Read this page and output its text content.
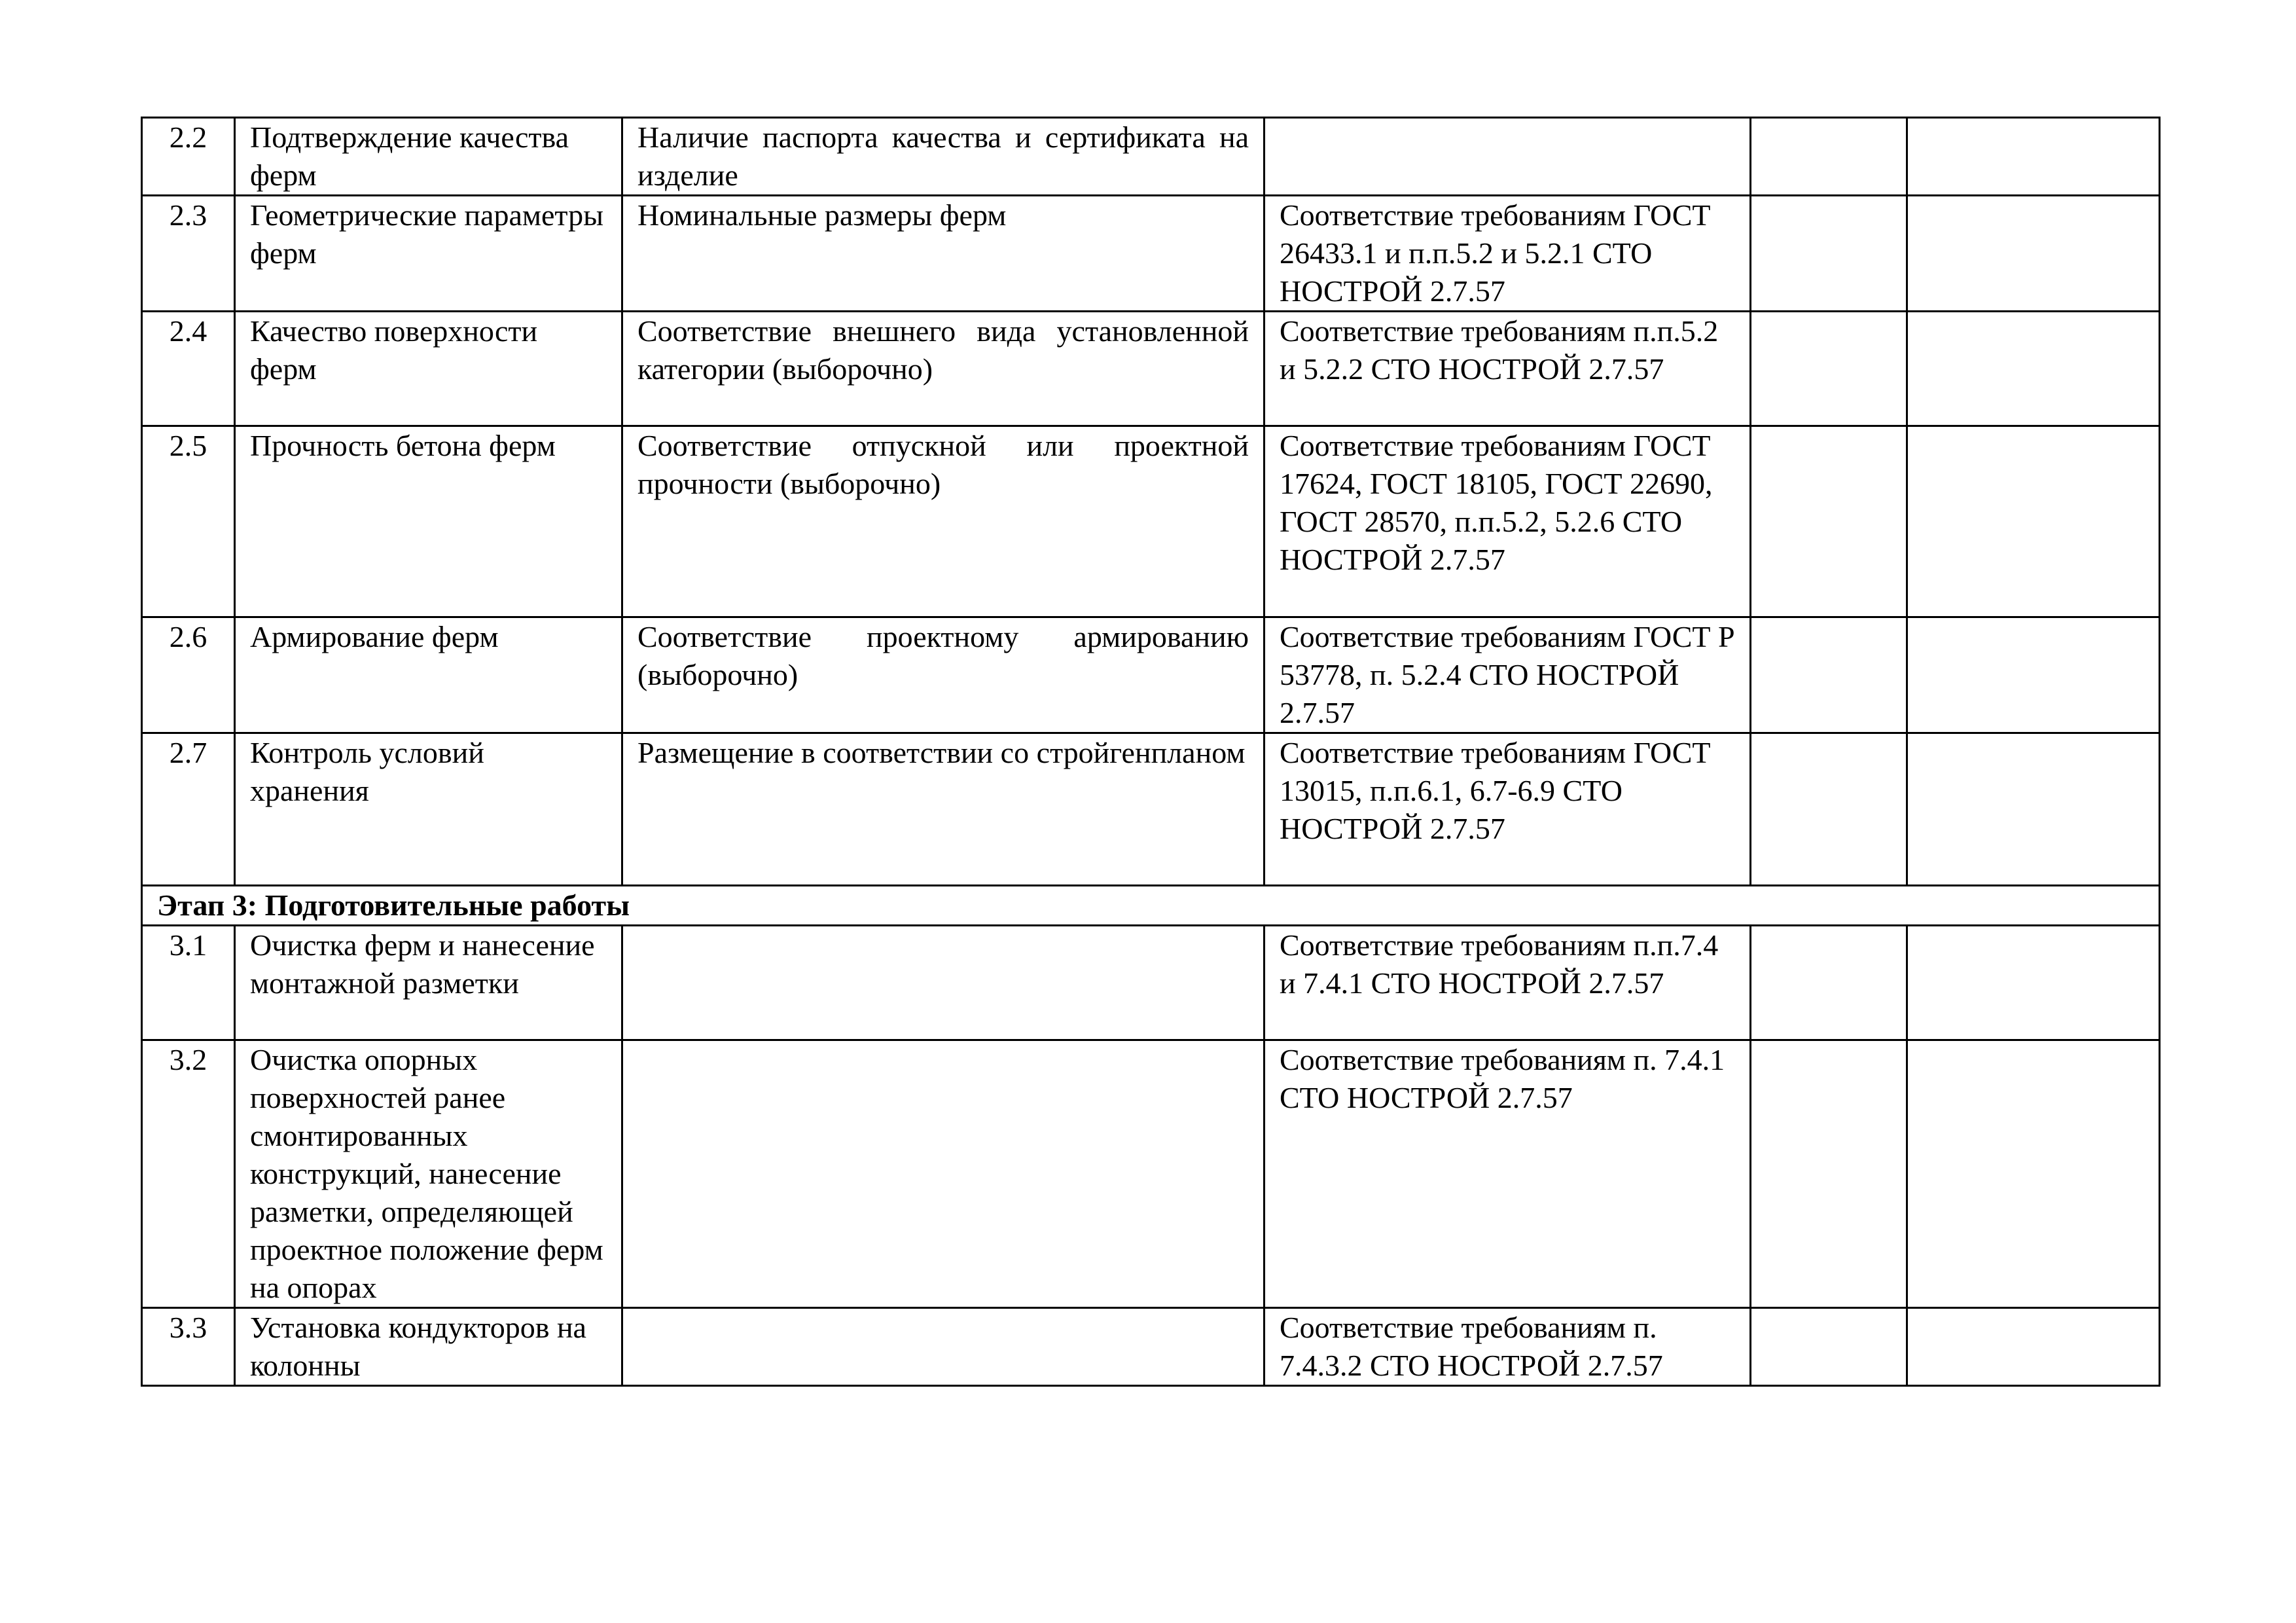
2.2	Подтверждение качества ферм	Наличие паспорта качества и сертификата на изделие			
2.3	Геометрические параметры ферм	Номинальные размеры ферм	Соответствие требованиям ГОСТ 26433.1 и п.п.5.2 и 5.2.1 СТО НОСТРОЙ 2.7.57		
2.4	Качество поверхности ферм	Соответствие внешнего вида установленной категории (выборочно)	Соответствие требованиям п.п.5.2 и 5.2.2 СТО НОСТРОЙ 2.7.57		
2.5	Прочность бетона ферм	Соответствие отпускной или проектной прочности (выборочно)	Соответствие требованиям ГОСТ 17624, ГОСТ 18105, ГОСТ 22690, ГОСТ 28570, п.п.5.2, 5.2.6 СТО НОСТРОЙ 2.7.57		
2.6	Армирование ферм	Соответствие проектному армированию (выборочно)	Соответствие требованиям ГОСТ Р 53778, п. 5.2.4 СТО НОСТРОЙ 2.7.57		
2.7	Контроль условий хранения	Размещение в соответствии со стройгенпланом	Соответствие требованиям ГОСТ 13015, п.п.6.1, 6.7-6.9 СТО НОСТРОЙ 2.7.57		
Этап 3: Подготовительные работы					
3.1	Очистка ферм и нанесение монтажной разметки		Соответствие требованиям п.п.7.4 и 7.4.1 СТО НОСТРОЙ 2.7.57		
3.2	Очистка опорных поверхностей ранее смонтированных конструкций, нанесение разметки, определяющей проектное положение ферм на опорах		Соответствие требованиям п. 7.4.1 СТО НОСТРОЙ 2.7.57		
3.3	Установка кондукторов на колонны		Соответствие требованиям п. 7.4.3.2 СТО НОСТРОЙ 2.7.57		
